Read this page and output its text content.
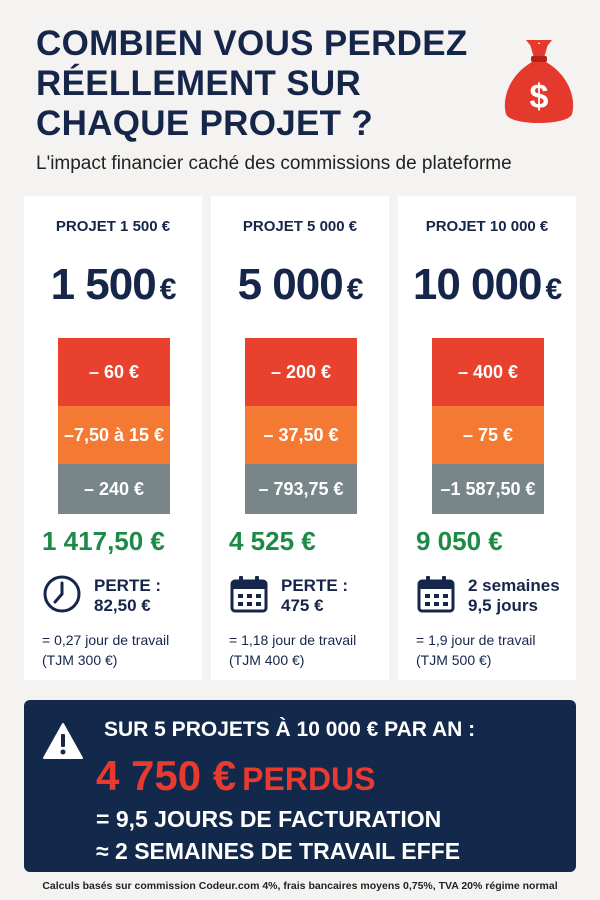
COMBIEN VOUS PERDEZ
RÉELLEMENT SUR
CHAQUE PROJET ?
$
L'impact financier caché des commissions de plateforme
PROJET 1 500 €
1 500 €
– 60 €
–7,50 à 15 €
– 240 €
1 417,50 €
PERTE :
82,50 €
= 0,27 jour de travail
(TJM 300 €)
PROJET 5 000 €
5 000 €
– 200 €
– 37,50 €
– 793,75 €
4 525 €
PERTE :
475 €
= 1,18 jour de travail
(TJM 400 €)
PROJET 10 000 €
10 000 €
– 400 €
– 75 €
–1 587,50 €
9 050 €
2 semaines
9,5 jours
= 1,9 jour de travail
(TJM 500 €)
SUR 5 PROJETS À 10 000 € PAR AN :
4 750 € PERDUS
= 9,5 JOURS DE FACTURATION
≈ 2 SEMAINES DE TRAVAIL EFFE
Calculs basés sur commission Codeur.com 4%, frais bancaires moyens 0,75%, TVA 20% régime normal
